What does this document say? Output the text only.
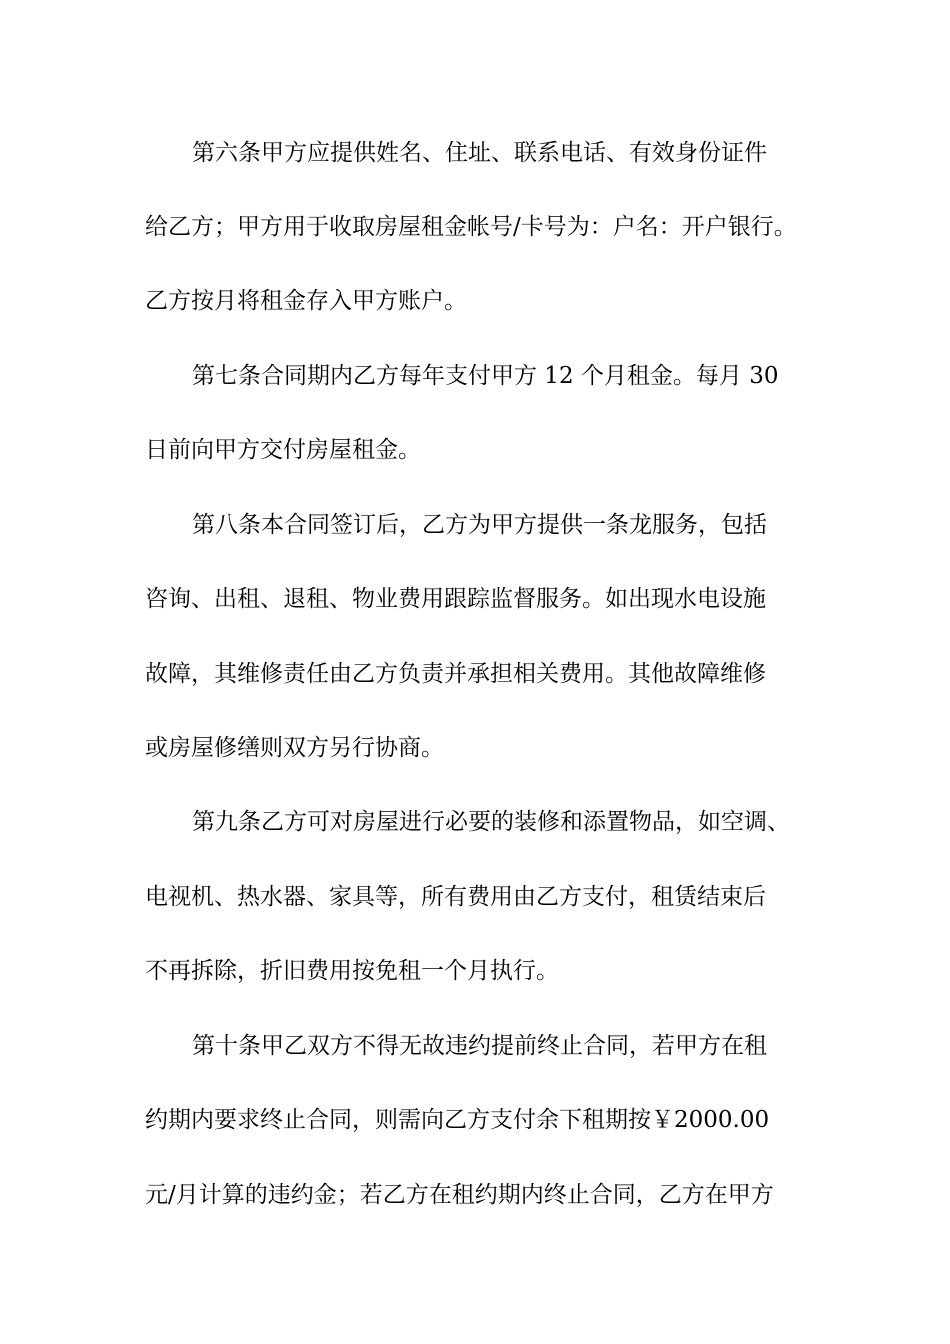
第六条甲方应提供姓名、住址、联系电话、有效身份证件
给乙方；甲方用于收取房屋租金帐号/卡号为：户名：开户银行。
乙方按月将租金存入甲方账户。
第七条合同期内乙方每年支付甲方 12 个月租金。每月 30
日前向甲方交付房屋租金。
第八条本合同签订后，乙方为甲方提供一条龙服务，包括
咨询、出租、退租、物业费用跟踪监督服务。如出现水电设施
故障，其维修责任由乙方负责并承担相关费用。其他故障维修
或房屋修缮则双方另行协商。
第九条乙方可对房屋进行必要的装修和添置物品，如空调、
电视机、热水器、家具等，所有费用由乙方支付，租赁结束后
不再拆除，折旧费用按免租一个月执行。
第十条甲乙双方不得无故违约提前终止合同，若甲方在租
约期内要求终止合同，则需向乙方支付余下租期按￥2000.00
元/月计算的违约金；若乙方在租约期内终止合同，乙方在甲方
